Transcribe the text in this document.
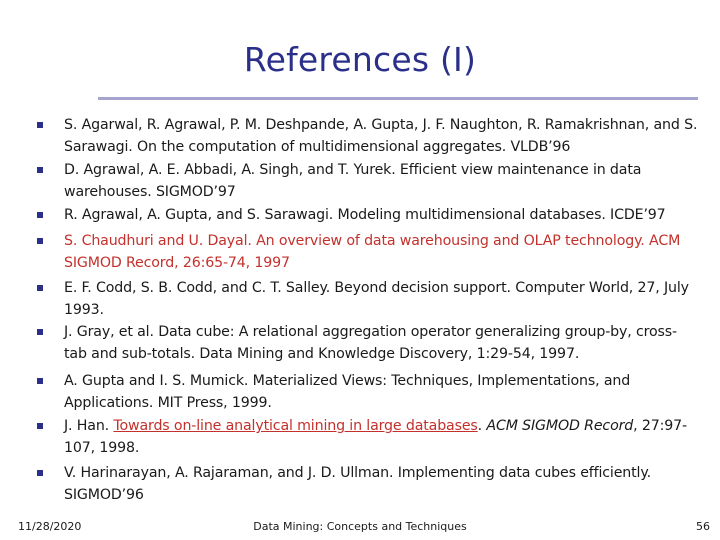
References (I)
S. Agarwal, R. Agrawal, P. M. Deshpande, A. Gupta, J. F. Naughton, R. Ramakrishnan, and S. Sarawagi. On the computation of multidimensional aggregates. VLDB’96
D. Agrawal, A. E. Abbadi, A. Singh, and T. Yurek. Efficient view maintenance in data warehouses. SIGMOD’97
R. Agrawal, A. Gupta, and S. Sarawagi. Modeling multidimensional databases. ICDE’97
S. Chaudhuri and U. Dayal. An overview of data warehousing and OLAP technology. ACM SIGMOD Record, 26:65-74, 1997
E. F. Codd, S. B. Codd, and C. T. Salley. Beyond decision support. Computer World, 27, July 1993.
J. Gray, et al. Data cube: A relational aggregation operator generalizing group-by, cross-tab and sub-totals. Data Mining and Knowledge Discovery, 1:29-54, 1997.
A. Gupta and I. S. Mumick. Materialized Views: Techniques, Implementations, and Applications. MIT Press, 1999.
J. Han. Towards on-line analytical mining in large databases. ACM SIGMOD Record, 27:97-107, 1998.
V. Harinarayan, A. Rajaraman, and J. D. Ullman. Implementing data cubes efficiently. SIGMOD’96
11/28/2020	Data Mining: Concepts and Techniques	56
